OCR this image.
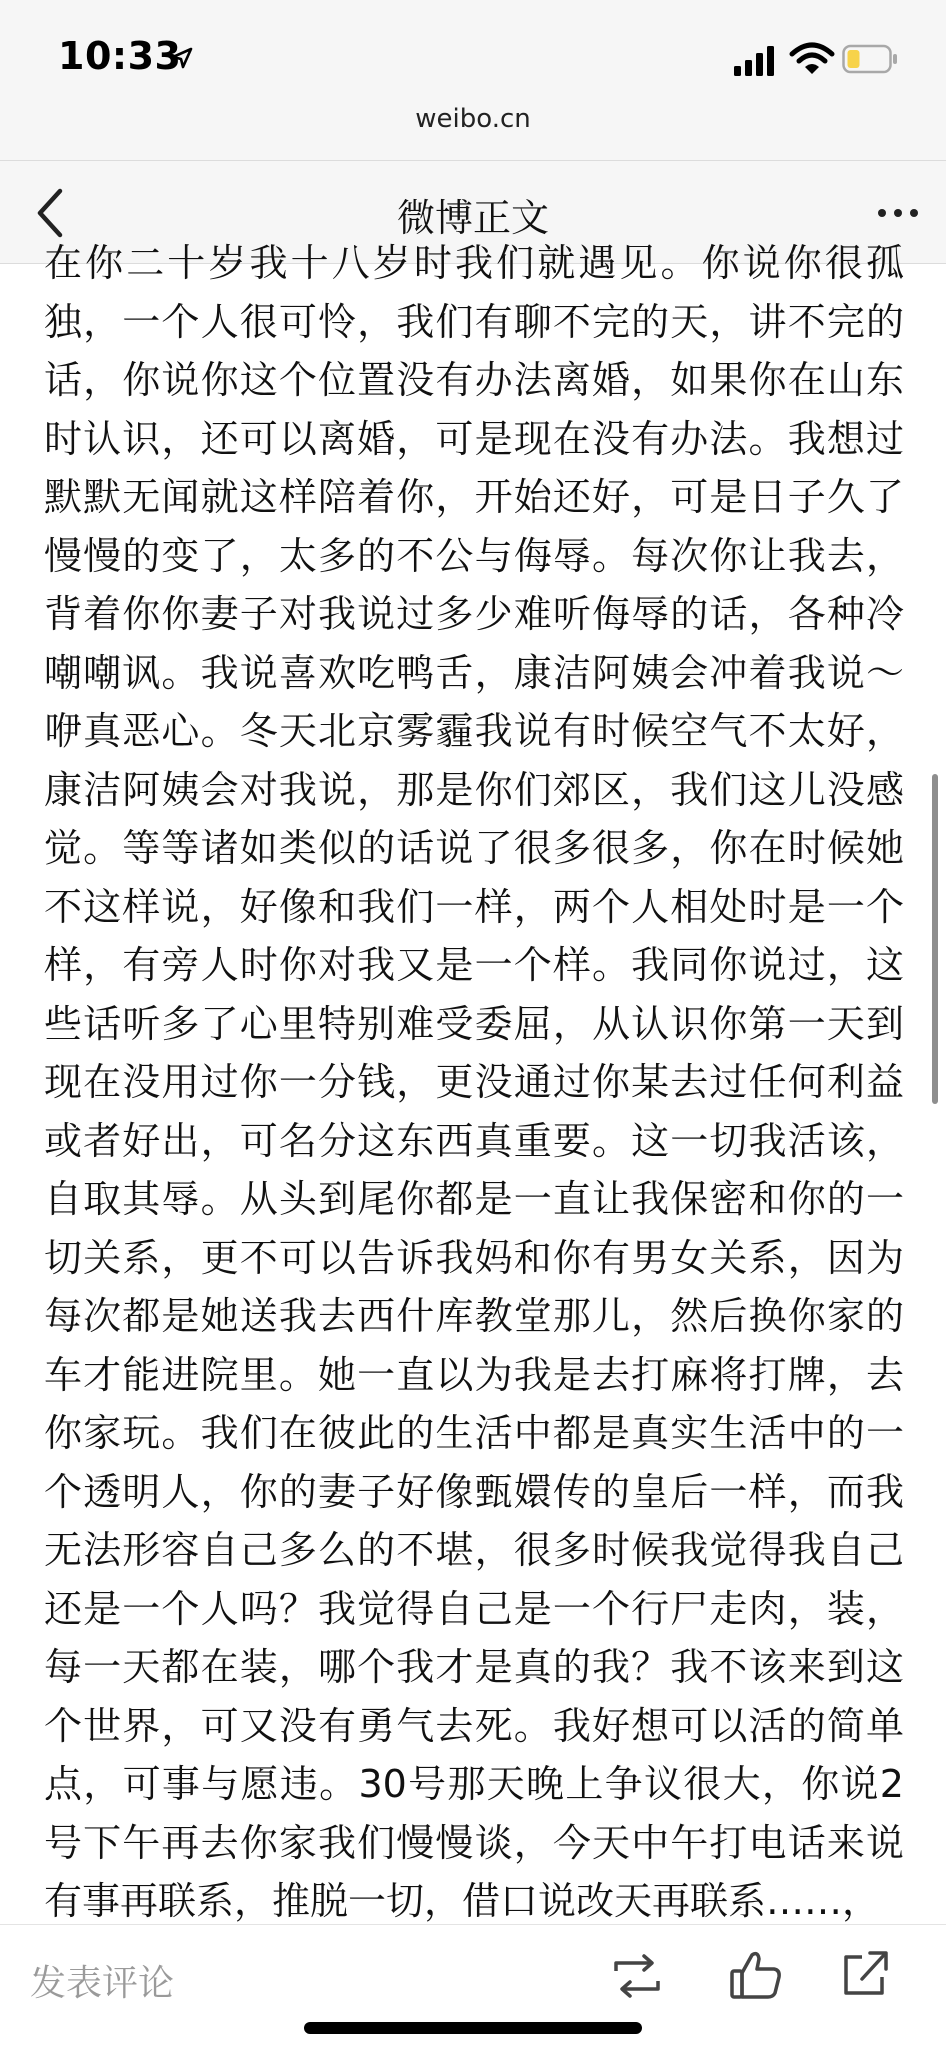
10:33
weibo.cn
微博正文

在你二十岁我十八岁时我们就遇见。你说你很孤独，一个人很可怜，我们有聊不完的天，讲不完的话，你说你这个位置没有办法离婚，如果你在山东时认识，还可以离婚，可是现在没有办法。我想过默默无闻就这样陪着你，开始还好，可是日子久了慢慢的变了，太多的不公与侮辱。每次你让我去，背着你你妻子对我说过多少难听侮辱的话，各种冷嘲嘲讽。我说喜欢吃鸭舌，康洁阿姨会冲着我说～咿真恶心。冬天北京雾霾我说有时候空气不太好，康洁阿姨会对我说，那是你们郊区，我们这儿没感觉。等等诸如类似的话说了很多很多，你在时候她不这样说，好像和我们一样，两个人相处时是一个样，有旁人时你对我又是一个样。我同你说过，这些话听多了心里特别难受委屈，从认识你第一天到现在没用过你一分钱，更没通过你某去过任何利益或者好出，可名分这东西真重要。这一切我活该，自取其辱。从头到尾你都是一直让我保密和你的一切关系，更不可以告诉我妈和你有男女关系，因为每次都是她送我去西什库教堂那儿，然后换你家的车才能进院里。她一直以为我是去打麻将打牌，去你家玩。我们在彼此的生活中都是真实生活中的一个透明人，你的妻子好像甄嬛传的皇后一样，而我无法形容自己多么的不堪，很多时候我觉得我自己还是一个人吗？我觉得自己是一个行尸走肉，装，每一天都在装，哪个我才是真的我？我不该来到这个世界，可又没有勇气去死。我好想可以活的简单点，可事与愿违。30号那天晚上争议很大，你说2号下午再去你家我们慢慢谈，今天中午打电话来说有事再联系，推脱一切，借口说改天再联系……，

发表评论
